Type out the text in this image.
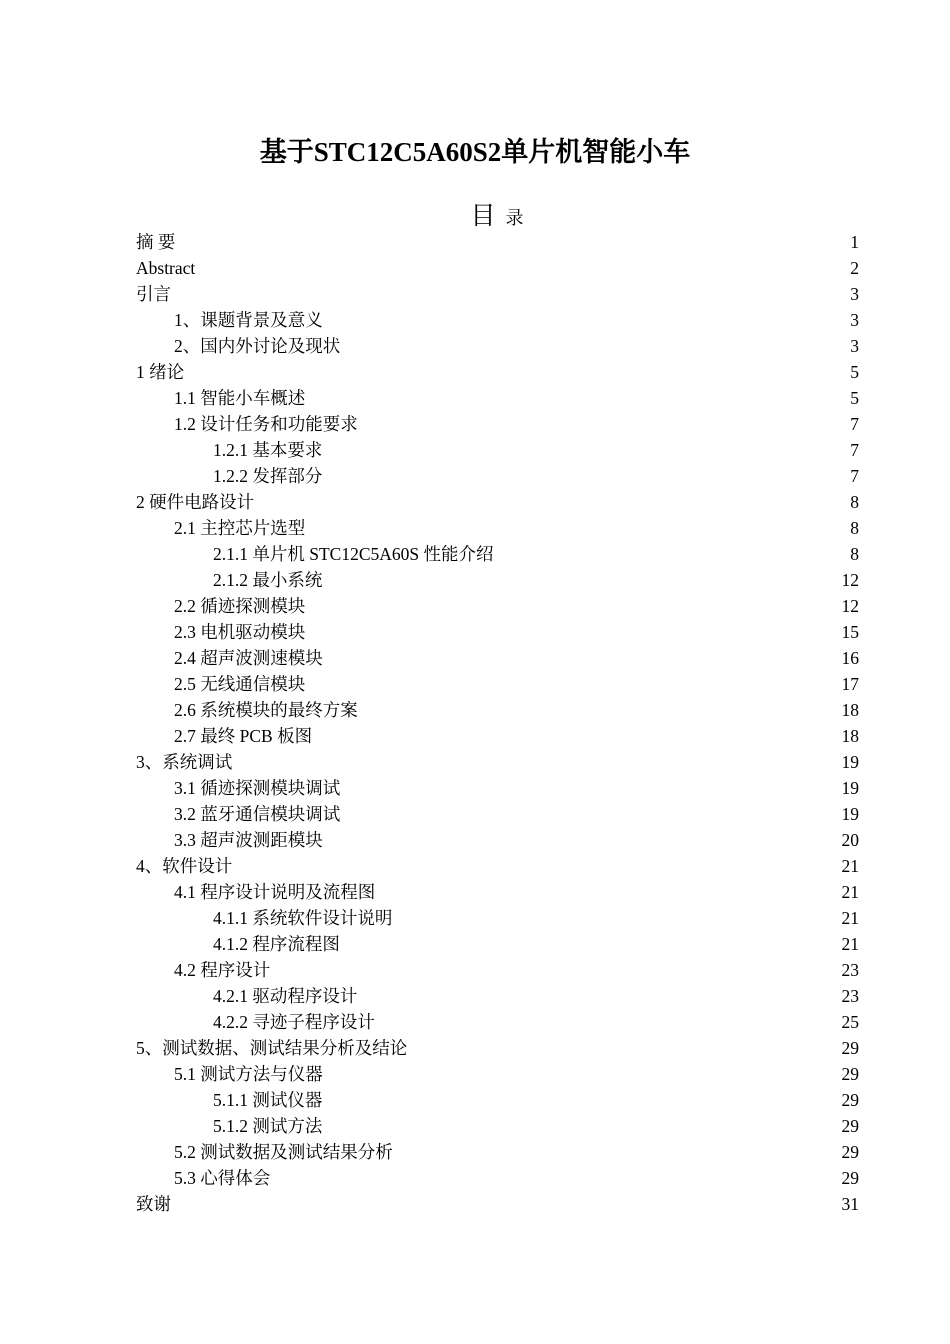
基于STC12C5A60S2单片机智能小车
目 录
摘 要	1
Abstract	2
引言	3
1、课题背景及意义	3
2、国内外讨论及现状	3
1 绪论	5
1.1 智能小车概述	5
1.2 设计任务和功能要求	7
1.2.1 基本要求	7
1.2.2 发挥部分	7
2 硬件电路设计	8
2.1 主控芯片选型	8
2.1.1 单片机 STC12C5A60S 性能介绍	8
2.1.2 最小系统	12
2.2 循迹探测模块	12
2.3 电机驱动模块	15
2.4 超声波测速模块	16
2.5 无线通信模块	17
2.6 系统模块的最终方案	18
2.7 最终 PCB 板图	18
3、系统调试	19
3.1 循迹探测模块调试	19
3.2 蓝牙通信模块调试	19
3.3 超声波测距模块	20
4、软件设计	21
4.1 程序设计说明及流程图	21
4.1.1 系统软件设计说明	21
4.1.2 程序流程图	21
4.2 程序设计	23
4.2.1 驱动程序设计	23
4.2.2 寻迹子程序设计	25
5、测试数据、测试结果分析及结论	29
5.1 测试方法与仪器	29
5.1.1 测试仪器	29
5.1.2 测试方法	29
5.2 测试数据及测试结果分析	29
5.3 心得体会	29
致谢	31
